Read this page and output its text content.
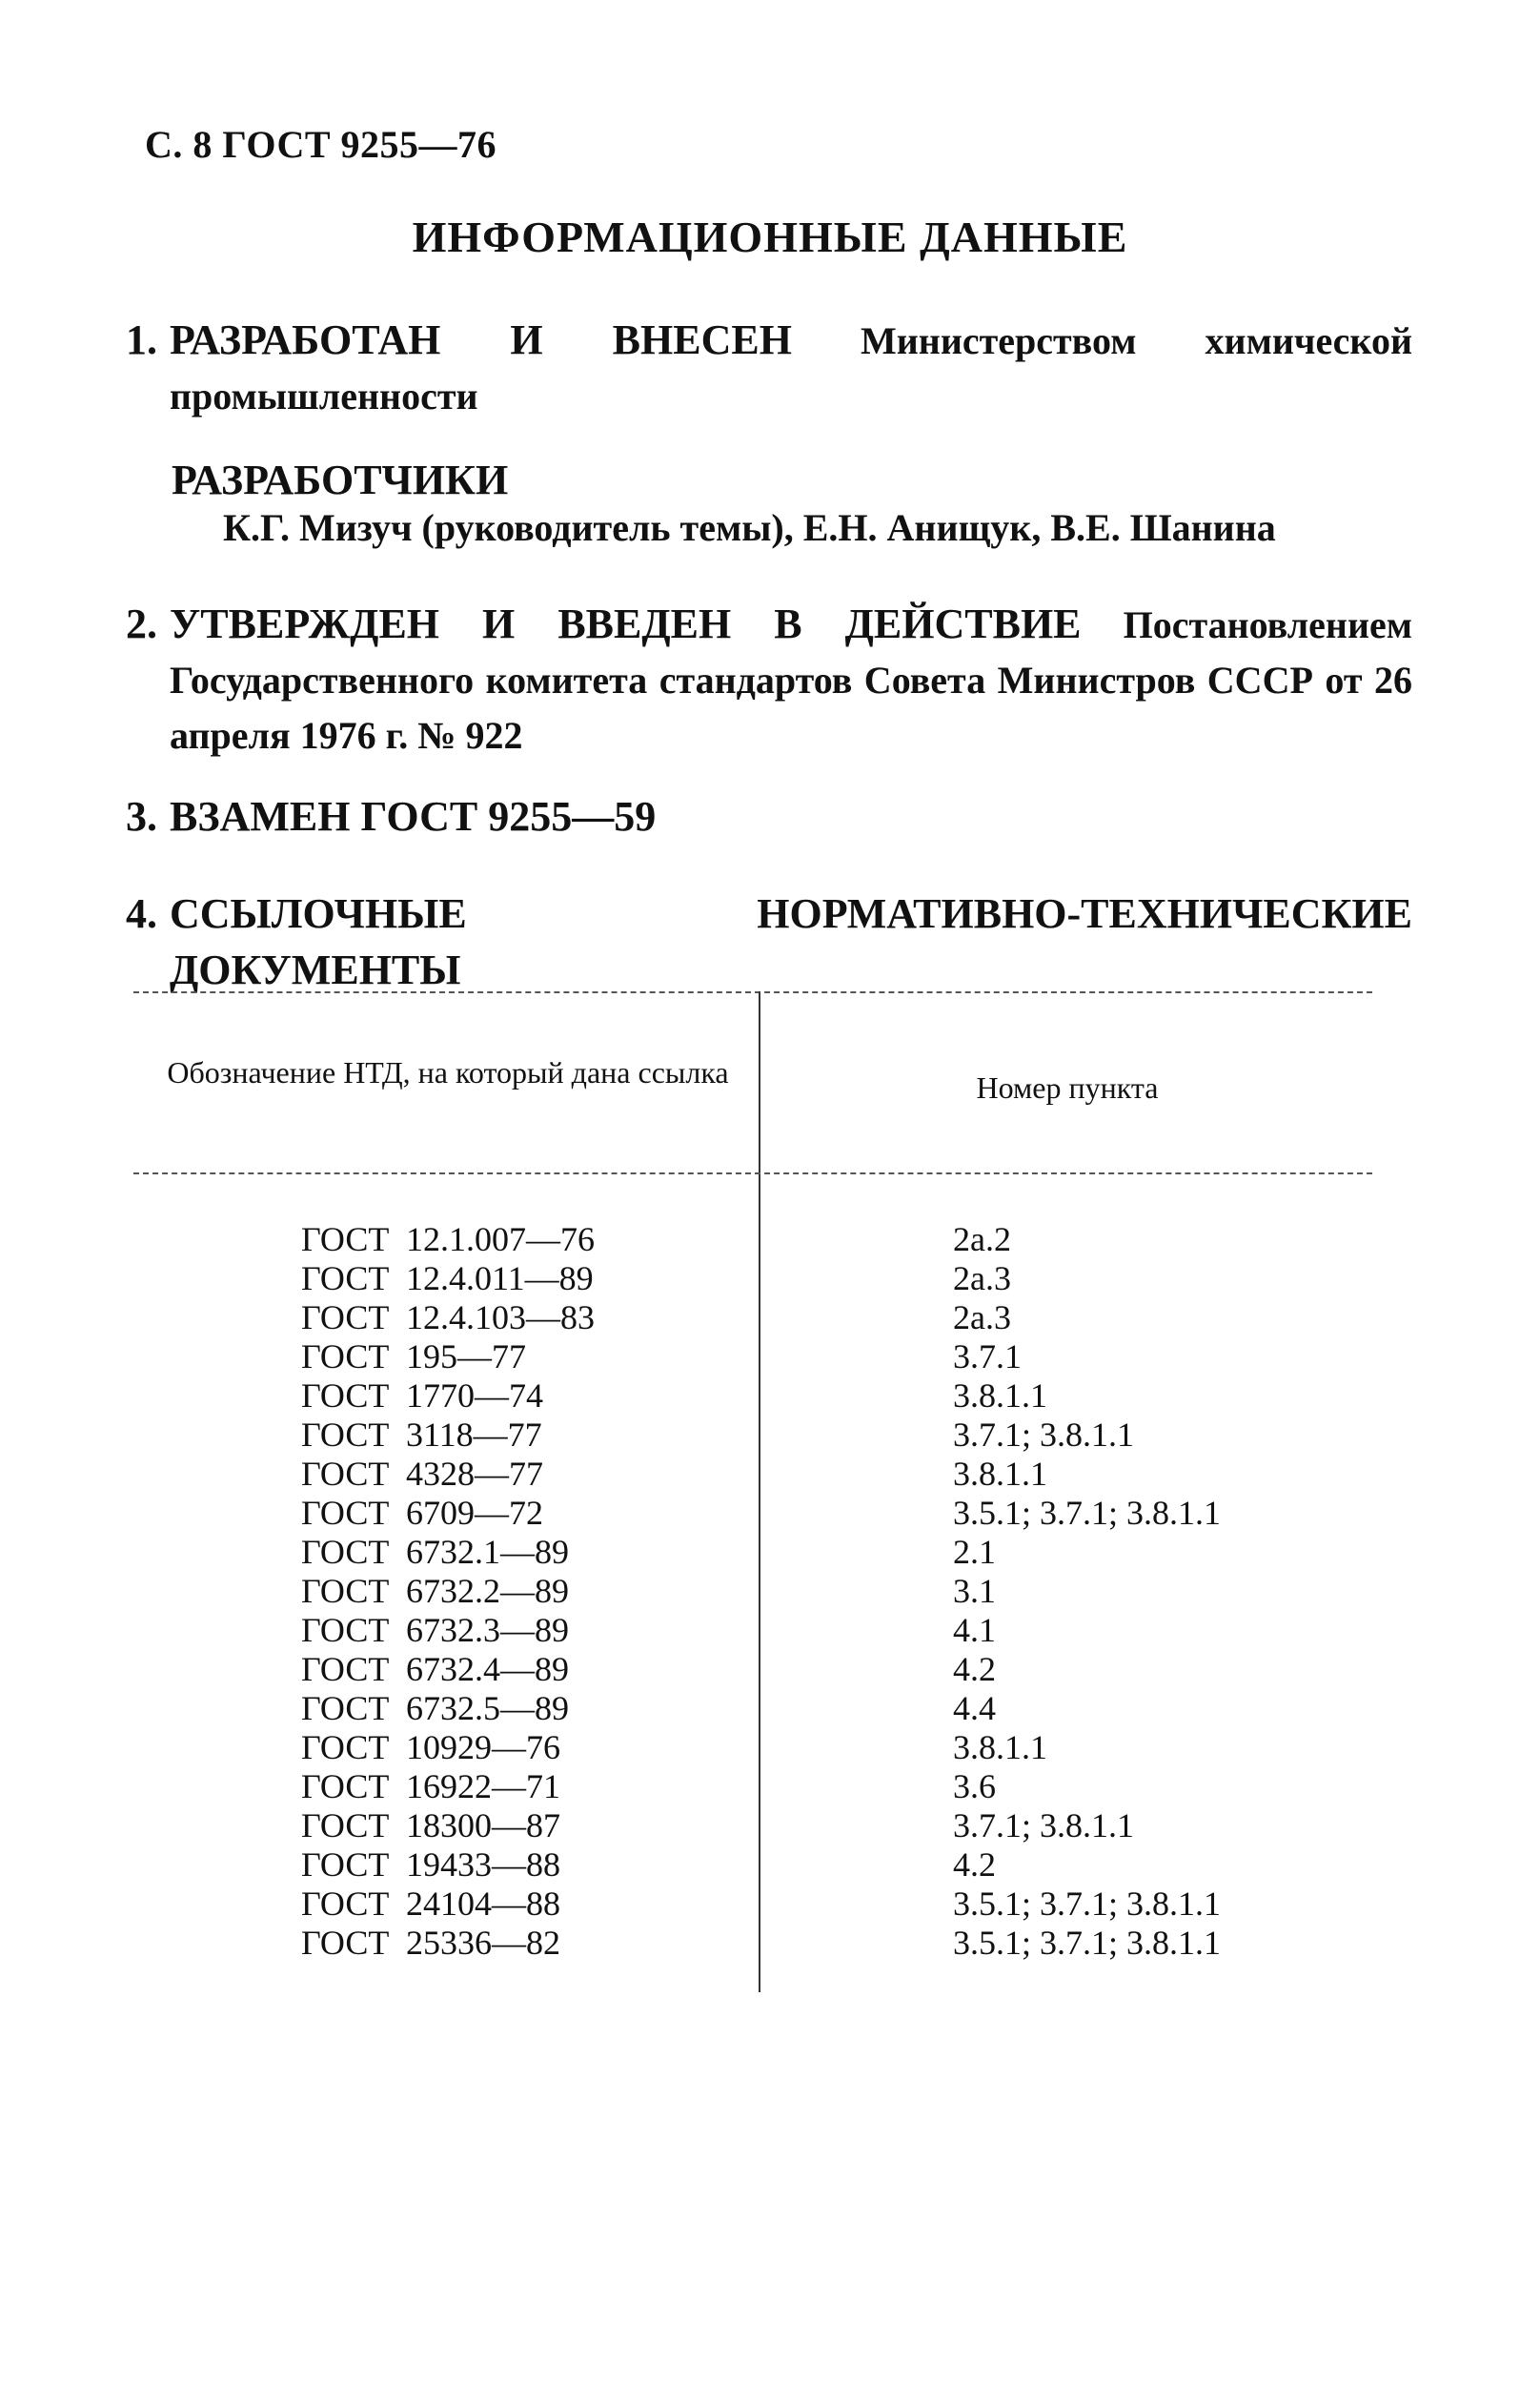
С. 8 ГОСТ 9255—76
ИНФОРМАЦИОННЫЕ ДАННЫЕ
1. РАЗРАБОТАН И ВНЕСЕН Министерством химической промышленности
РАЗРАБОТЧИКИ
К.Г. Мизуч (руководитель темы), Е.Н. Анищук, В.Е. Шанина
2. УТВЕРЖДЕН И ВВЕДЕН В ДЕЙСТВИЕ Постановлением Государственного комитета стандартов Совета Министров СССР от 26 апреля 1976 г. № 922
3. ВЗАМЕН ГОСТ 9255—59
4. ССЫЛОЧНЫЕ НОРМАТИВНО-ТЕХНИЧЕСКИЕ ДОКУМЕНТЫ
Обозначение НТД, на который дана ссылка	Номер пункта
ГОСТ 12.1.007—76	2а.2
ГОСТ 12.4.011—89	2а.3
ГОСТ 12.4.103—83	2а.3
ГОСТ 195—77	3.7.1
ГОСТ 1770—74	3.8.1.1
ГОСТ 3118—77	3.7.1; 3.8.1.1
ГОСТ 4328—77	3.8.1.1
ГОСТ 6709—72	3.5.1; 3.7.1; 3.8.1.1
ГОСТ 6732.1—89	2.1
ГОСТ 6732.2—89	3.1
ГОСТ 6732.3—89	4.1
ГОСТ 6732.4—89	4.2
ГОСТ 6732.5—89	4.4
ГОСТ 10929—76	3.8.1.1
ГОСТ 16922—71	3.6
ГОСТ 18300—87	3.7.1; 3.8.1.1
ГОСТ 19433—88	4.2
ГОСТ 24104—88	3.5.1; 3.7.1; 3.8.1.1
ГОСТ 25336—82	3.5.1; 3.7.1; 3.8.1.1
